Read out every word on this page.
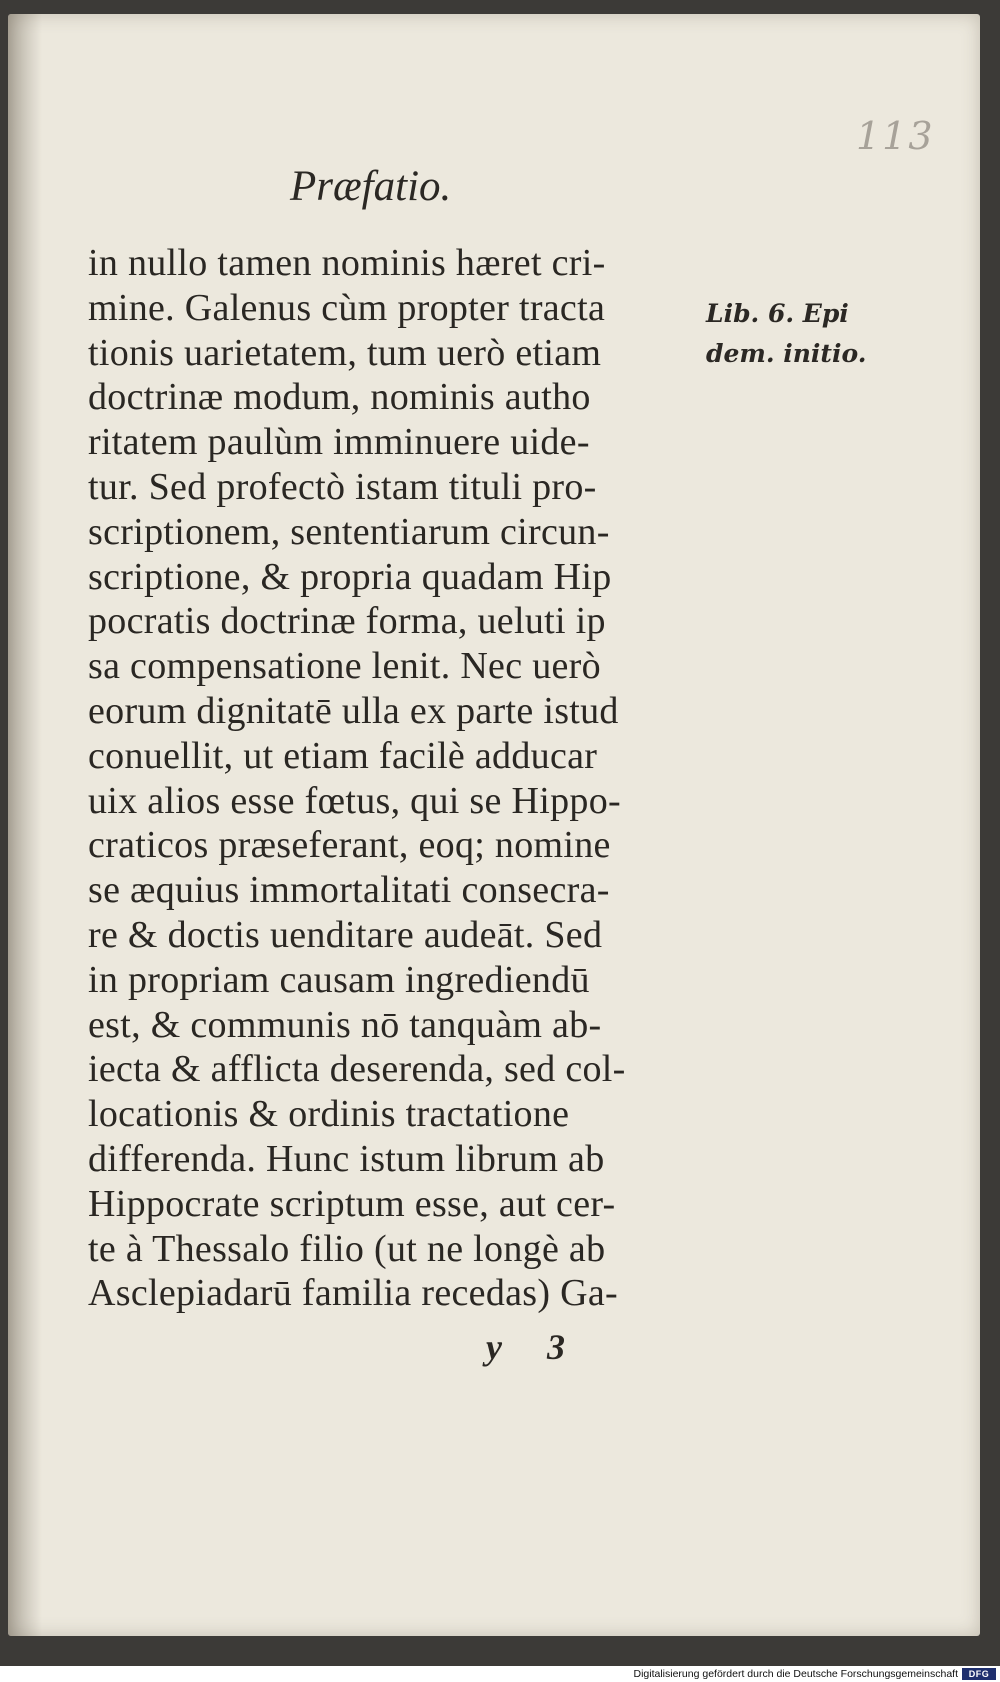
113
Præfatio.
in nullo tamen nominis hæret cri-
mine. Galenus cùm propter tracta
tionis uarietatem, tum uerò etiam
doctrinæ modum, nominis autho
ritatem paulùm imminuere uide-
tur. Sed profectò istam tituli pro-
scriptionem, sententiarum circun-
scriptione, & propria quadam Hip
pocratis doctrinæ forma, ueluti ip
sa compensatione lenit. Nec uerò
eorum dignitatē ulla ex parte istud
conuellit, ut etiam facilè adducar
uix alios esse fœtus, qui se Hippo-
craticos præseferant, eoq; nomine
se æquius immortalitati consecra-
re & doctis uenditare audeāt. Sed
in propriam causam ingrediendū
est, & communis nō tanquàm ab-
iecta & afflicta deserenda, sed col-
locationis & ordinis tractatione
differenda. Hunc istum librum ab
Hippocrate scriptum esse, aut cer-
te à Thessalo filio (ut ne longè ab
Asclepiadarū familia recedas) Ga-
Lib. 6. Epi
dem. initio.
y 3
Digitalisierung gefördert durch die Deutsche Forschungsgemeinschaft	DFG
